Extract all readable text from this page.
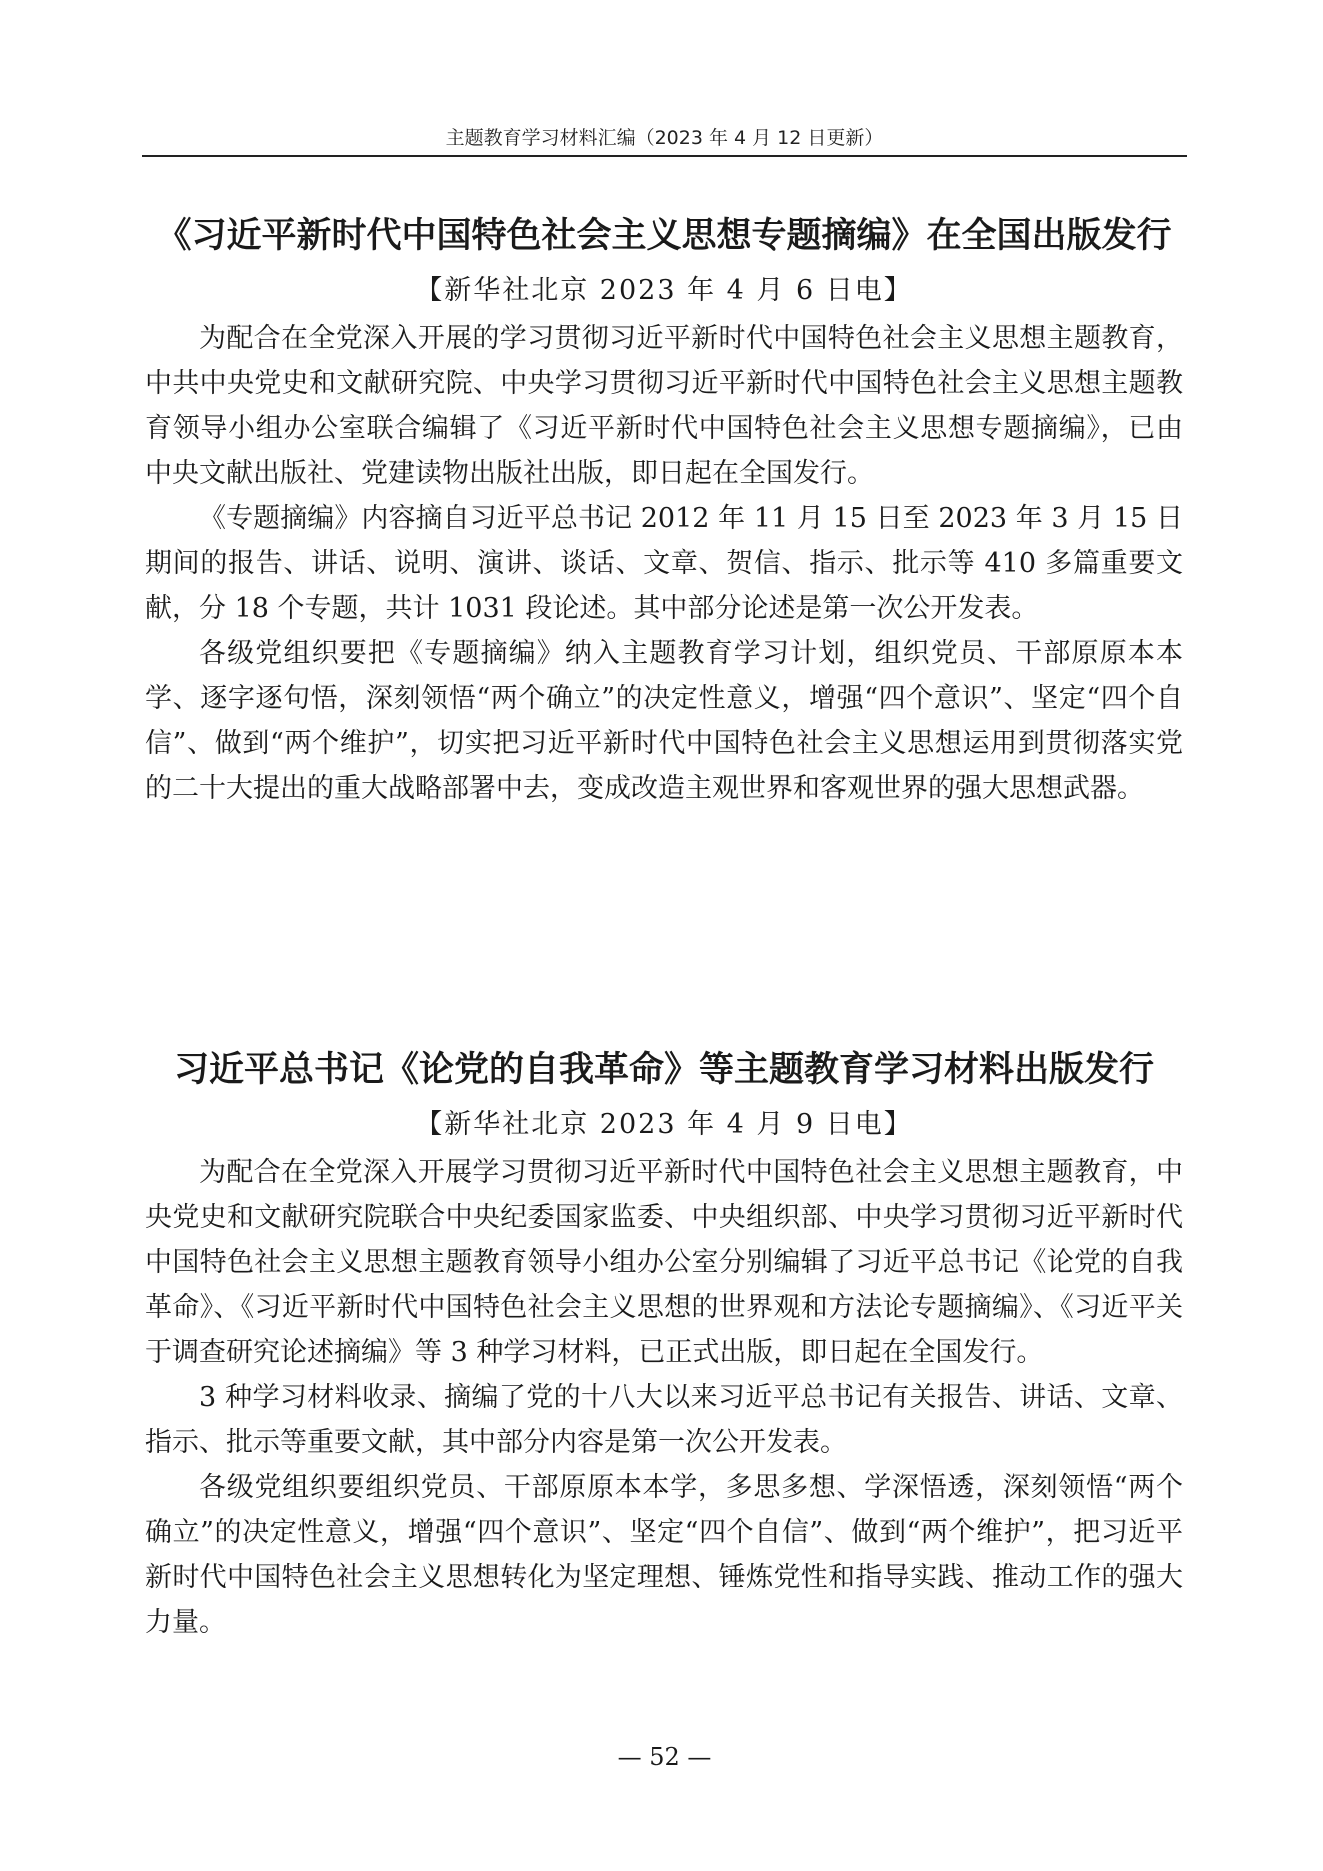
主题教育学习材料汇编（2023 年 4 月 12 日更新）
《习近平新时代中国特色社会主义思想专题摘编》在全国出版发行

【新华社北京 2023 年 4 月 6 日电】

为配合在全党深入开展的学习贯彻习近平新时代中国特色社会主义思想主题教育，中共中央党史和文献研究院、中央学习贯彻习近平新时代中国特色社会主义思想主题教育领导小组办公室联合编辑了《习近平新时代中国特色社会主义思想专题摘编》，已由中央文献出版社、党建读物出版社出版，即日起在全国发行。

《专题摘编》内容摘自习近平总书记 2012 年 11 月 15 日至 2023 年 3 月 15 日期间的报告、讲话、说明、演讲、谈话、文章、贺信、指示、批示等 410 多篇重要文献，分 18 个专题，共计 1031 段论述。其中部分论述是第一次公开发表。

各级党组织要把《专题摘编》纳入主题教育学习计划，组织党员、干部原原本本学、逐字逐句悟，深刻领悟“两个确立”的决定性意义，增强“四个意识”、坚定“四个自信”、做到“两个维护”，切实把习近平新时代中国特色社会主义思想运用到贯彻落实党的二十大提出的重大战略部署中去，变成改造主观世界和客观世界的强大思想武器。

习近平总书记《论党的自我革命》等主题教育学习材料出版发行

【新华社北京 2023 年 4 月 9 日电】

为配合在全党深入开展学习贯彻习近平新时代中国特色社会主义思想主题教育，中央党史和文献研究院联合中央纪委国家监委、中央组织部、中央学习贯彻习近平新时代中国特色社会主义思想主题教育领导小组办公室分别编辑了习近平总书记《论党的自我革命》、《习近平新时代中国特色社会主义思想的世界观和方法论专题摘编》、《习近平关于调查研究论述摘编》等 3 种学习材料，已正式出版，即日起在全国发行。

3 种学习材料收录、摘编了党的十八大以来习近平总书记有关报告、讲话、文章、指示、批示等重要文献，其中部分内容是第一次公开发表。

各级党组织要组织党员、干部原原本本学，多思多想、学深悟透，深刻领悟“两个确立”的决定性意义，增强“四个意识”、坚定“四个自信”、做到“两个维护”，把习近平新时代中国特色社会主义思想转化为坚定理想、锤炼党性和指导实践、推动工作的强大力量。

— 52 —
